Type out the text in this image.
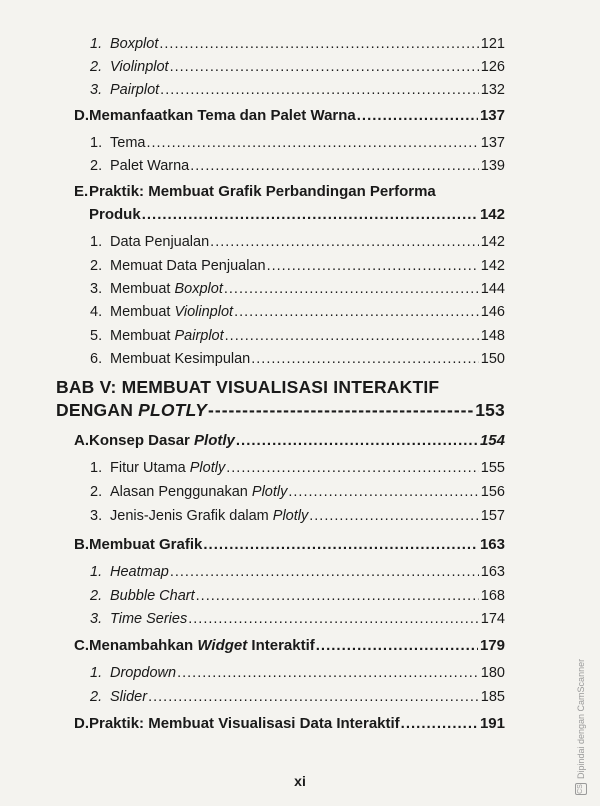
1. Boxplot .....	121
2. Violinplot .....	126
3. Pairplot .....	132
D. Memanfaatkan Tema dan Palet Warna .....	137
1. Tema .....	137
2. Palet Warna .....	139
E. Praktik: Membuat Grafik Perbandingan Performa
Produk .....	142
1. Data Penjualan .....	142
2. Memuat Data Penjualan .....	142
3. Membuat Boxplot .....	144
4. Membuat Violinplot .....	146
5. Membuat Pairplot .....	148
6. Membuat Kesimpulan .....	150
BAB V: MEMBUAT VISUALISASI INTERAKTIF
DENGAN PLOTLY -----	153
A. Konsep Dasar Plotly .....	154
1. Fitur Utama Plotly .....	155
2. Alasan Penggunakan Plotly .....	156
3. Jenis-Jenis Grafik dalam Plotly .....	157
B. Membuat Grafik .....	163
1. Heatmap .....	163
2. Bubble Chart .....	168
3. Time Series .....	174
C. Menambahkan Widget Interaktif .....	179
1. Dropdown .....	180
2. Slider .....	185
D. Praktik: Membuat Visualisasi Data Interaktif .....	191
xi
CS
Dipindai dengan CamScanner
